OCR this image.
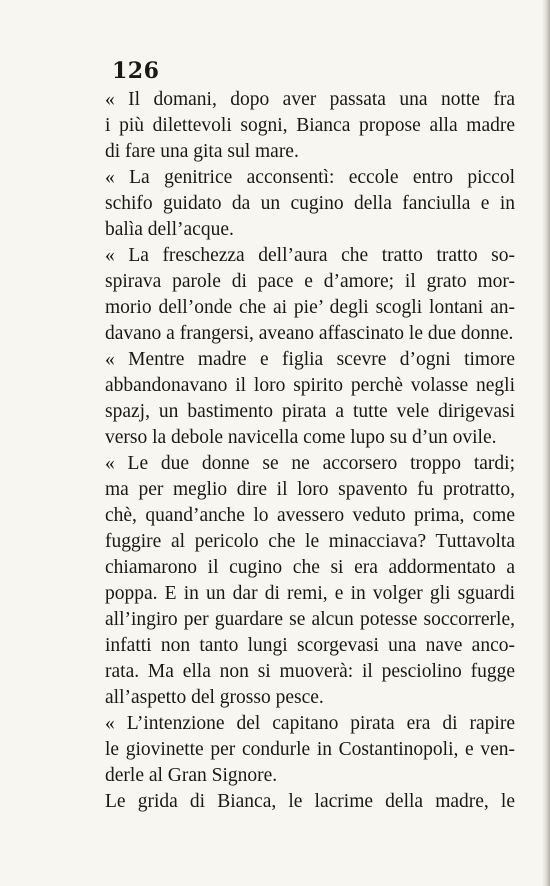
126
« Il domani, dopo aver passata una notte fra
i più dilettevoli sogni, Bianca propose alla madre
di fare una gita sul mare.
« La genitrice acconsentì: eccole entro piccol
schifo guidato da un cugino della fanciulla e in
balìa dell’acque.
« La freschezza dell’aura che tratto tratto so-
spirava parole di pace e d’amore; il grato mor-
morio dell’onde che ai pie’ degli scogli lontani an-
davano a frangersi, aveano affascinato le due donne.
« Mentre madre e figlia scevre d’ogni timore
abbandonavano il loro spirito perchè volasse negli
spazj, un bastimento pirata a tutte vele dirigevasi
verso la debole navicella come lupo su d’un ovile.
« Le due donne se ne accorsero troppo tardi;
ma per meglio dire il loro spavento fu protratto,
chè, quand’anche lo avessero veduto prima, come
fuggire al pericolo che le minacciava? Tuttavolta
chiamarono il cugino che si era addormentato a
poppa. E in un dar di remi, e in volger gli sguardi
all’ingiro per guardare se alcun potesse soccorrerle,
infatti non tanto lungi scorgevasi una nave anco-
rata. Ma ella non si muoverà: il pesciolino fugge
all’aspetto del grosso pesce.
« L’intenzione del capitano pirata era di rapire
le giovinette per condurle in Costantinopoli, e ven-
derle al Gran Signore.
Le grida di Bianca, le lacrime della madre, le
